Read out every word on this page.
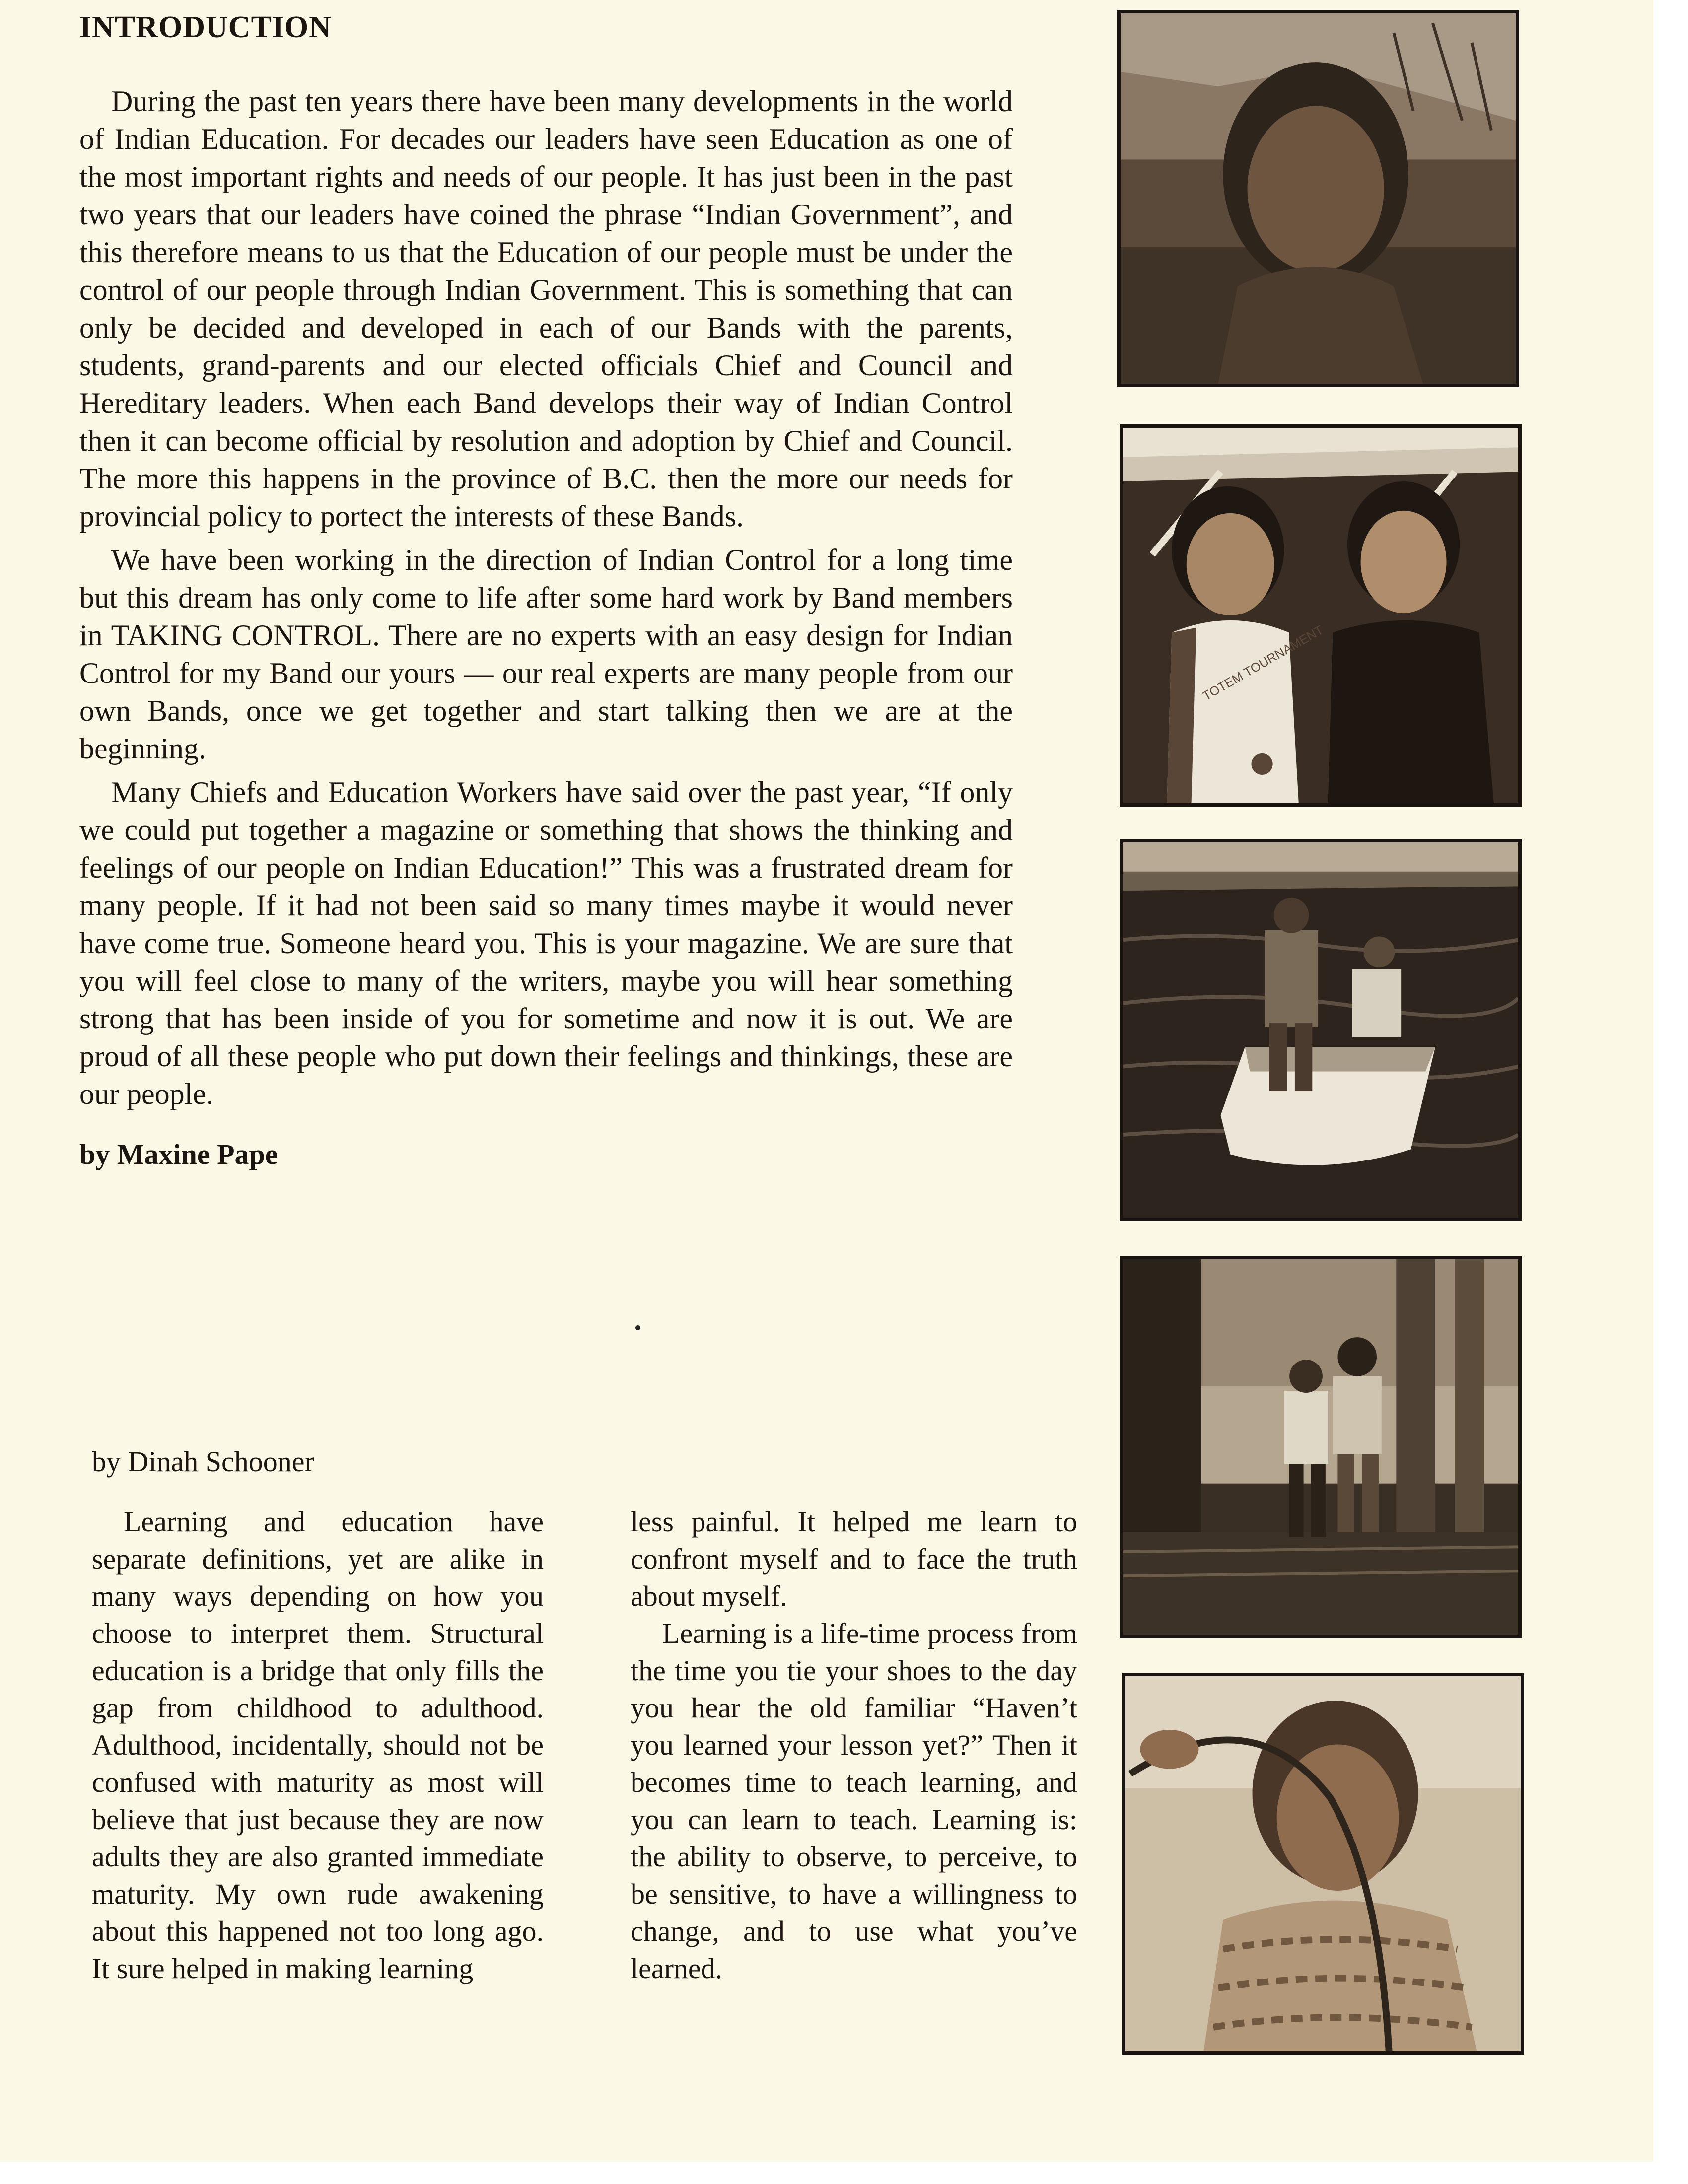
INTRODUCTION

During the past ten years there have been many developments in the world of Indian Education. For decades our leaders have seen Education as one of the most important rights and needs of our people. It has just been in the past two years that our leaders have coined the phrase “Indian Government”, and this therefore means to us that the Education of our people must be under the control of our people through Indian Government. This is something that can only be decided and developed in each of our Bands with the parents, students, grand-parents and our elected officials Chief and Council and Hereditary leaders. When each Band develops their way of Indian Control then it can become official by resolution and adoption by Chief and Council. The more this happens in the province of B.C. then the more our needs for provincial policy to portect the interests of these Bands.

We have been working in the direction of Indian Control for a long time but this dream has only come to life after some hard work by Band members in TAKING CONTROL. There are no experts with an easy design for Indian Control for my Band our yours — our real experts are many people from our own Bands, once we get together and start talking then we are at the beginning.

Many Chiefs and Education Workers have said over the past year, “If only we could put together a magazine or something that shows the thinking and feelings of our people on Indian Education!” This was a frustrated dream for many people. If it had not been said so many times maybe it would never have come true. Someone heard you. This is your magazine. We are sure that you will feel close to many of the writers, maybe you will hear something strong that has been inside of you for sometime and now it is out. We are proud of all these people who put down their feelings and thinkings, these are our people.

by Maxine Pape
by Dinah Schooner

Learning and education have separate definitions, yet are alike in many ways depending on how you choose to interpret them. Structural education is a bridge that only fills the gap from childhood to adulthood. Adulthood, incidentally, should not be confused with maturity as most will believe that just because they are now adults they are also granted immediate maturity. My own rude awakening about this happened not too long ago. It sure helped in making learning

less painful. It helped me learn to confront myself and to face the truth about myself.

Learning is a life-time process from the time you tie your shoes to the day you hear the old familiar “Haven’t you learned your lesson yet?” Then it becomes time to teach learning, and you can learn to teach. Learning is: the ability to observe, to perceive, to be sensitive, to have a willingness to change, and to use what you’ve learned.

TOTEM TOURNAMENT
